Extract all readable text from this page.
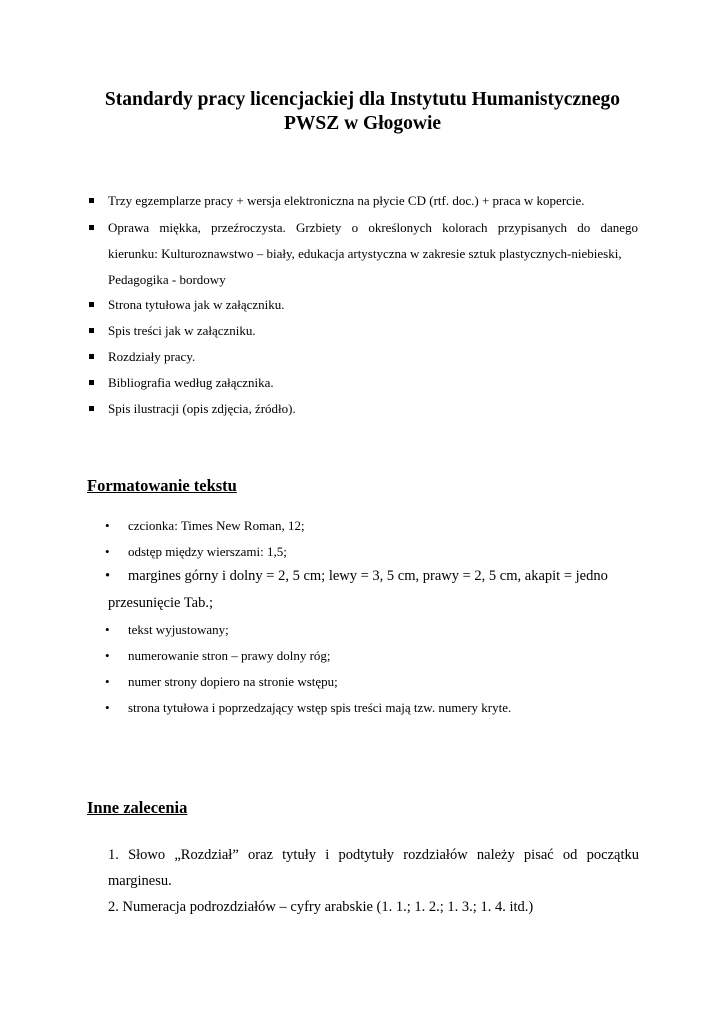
Standardy pracy licencjackiej dla Instytutu Humanistycznego
PWSZ w Głogowie
Trzy egzemplarze pracy + wersja elektroniczna na płycie CD (rtf. doc.) + praca w kopercie.
Oprawa miękka, przeźroczysta. Grzbiety o określonych kolorach przypisanych do danego
kierunku: Kulturoznawstwo – biały, edukacja artystyczna w zakresie sztuk plastycznych-niebieski,
Pedagogika - bordowy
Strona tytułowa jak w załączniku.
Spis treści jak w załączniku.
Rozdziały pracy.
Bibliografia według załącznika.
Spis ilustracji (opis zdjęcia, źródło).
Formatowanie tekstu
• czcionka: Times New Roman, 12;
• odstęp między wierszami: 1,5;
• margines górny i dolny = 2, 5 cm; lewy = 3, 5 cm, prawy = 2, 5 cm, akapit = jedno
przesunięcie Tab.;
• tekst wyjustowany;
• numerowanie stron – prawy dolny róg;
• numer strony dopiero na stronie wstępu;
• strona tytułowa i poprzedzający wstęp spis treści mają tzw. numery kryte.
Inne zalecenia
1. Słowo „Rozdział” oraz tytuły i podtytuły rozdziałów należy pisać od początku
marginesu.
2. Numeracja podrozdziałów – cyfry arabskie (1. 1.; 1. 2.; 1. 3.; 1. 4. itd.)
